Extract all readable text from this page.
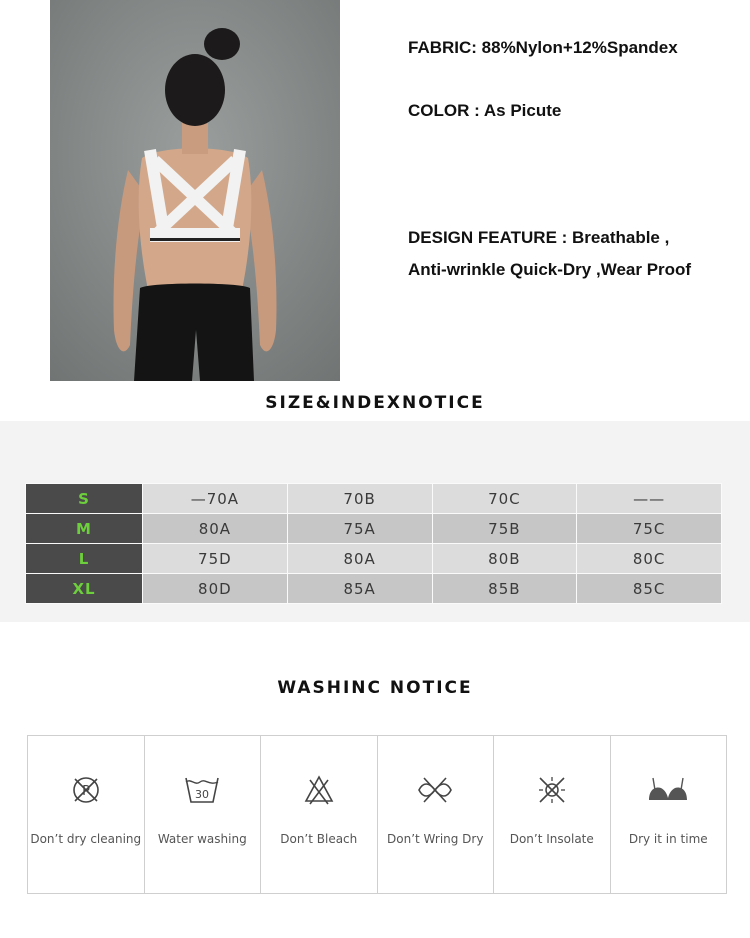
FABRIC: 88%Nylon+12%Spandex
COLOR : As Picute
DESIGN FEATURE : Breathable ,
Anti-wrinkle Quick-Dry ,Wear Proof
SIZE&INDEXNOTICE
S	—70A	70B	70C	——
M	80A	75A	75B	75C
L	75D	80A	80B	80C
XL	80D	85A	85B	85C
WASHINC NOTICE
P
Don’t dry cleaning
30
Water washing	Don’t Bleach	Don’t Wring Dry	Don’t Insolate	Dry it in time
